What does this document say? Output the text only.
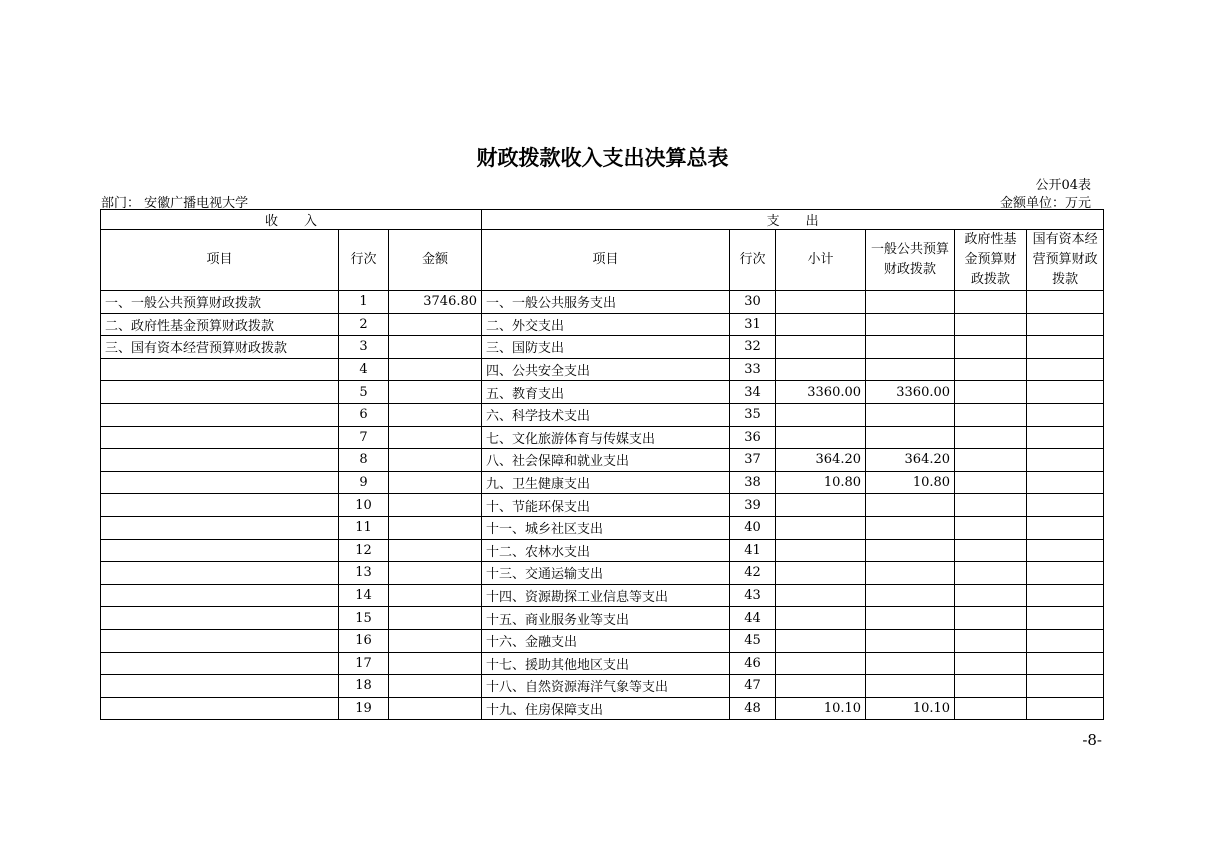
财政拨款收入支出决算总表
公开04表
部门： 安徽广播电视大学	金额单位：万元
收　　入			支　　出					
项目	行次	金额	项目	行次	小计	一般公共预算财政拨款	政府性基金预算财政拨款	国有资本经营预算财政拨款
一、一般公共预算财政拨款	1	3746.80	一、一般公共服务支出	30				
二、政府性基金预算财政拨款	2		二、外交支出	31				
三、国有资本经营预算财政拨款	3		三、国防支出	32				
	4		四、公共安全支出	33				
	5		五、教育支出	34	3360.00	3360.00		
	6		六、科学技术支出	35				
	7		七、文化旅游体育与传媒支出	36				
	8		八、社会保障和就业支出	37	364.20	364.20		
	9		九、卫生健康支出	38	10.80	10.80		
	10		十、节能环保支出	39				
	11		十一、城乡社区支出	40				
	12		十二、农林水支出	41				
	13		十三、交通运输支出	42				
	14		十四、资源勘探工业信息等支出	43				
	15		十五、商业服务业等支出	44				
	16		十六、金融支出	45				
	17		十七、援助其他地区支出	46				
	18		十八、自然资源海洋气象等支出	47				
	19		十九、住房保障支出	48	10.10	10.10		
-8-
